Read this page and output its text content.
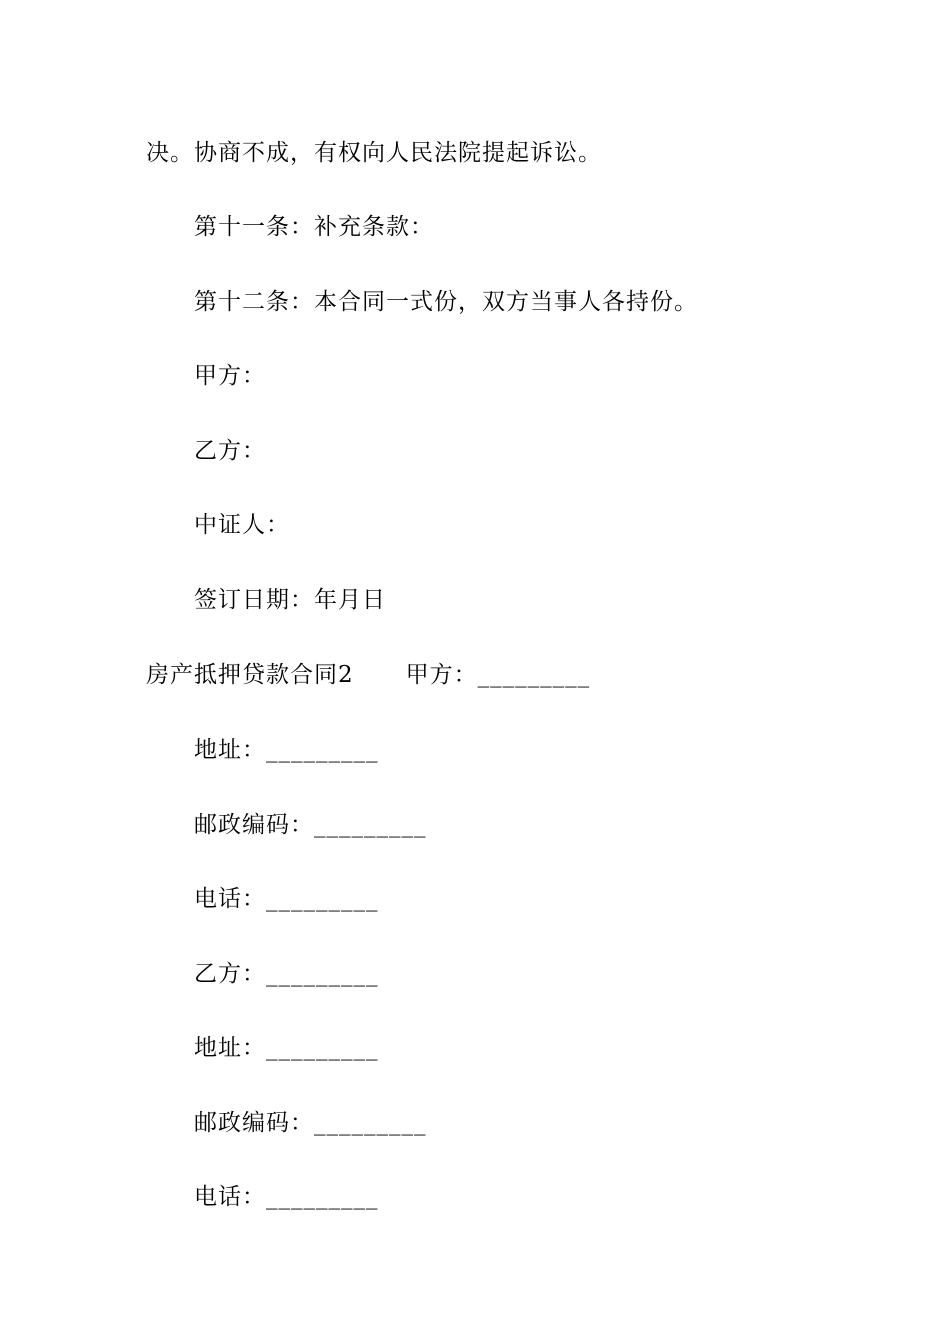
决。协商不成，有权向人民法院提起诉讼。
第十一条：补充条款：
第十二条：本合同一式份，双方当事人各持份。
甲方：
乙方：
中证人：
签订日期：年月日
房产抵押贷款合同2 甲方：_________
地址：_________
邮政编码：_________
电话：_________
乙方：_________
地址：_________
邮政编码：_________
电话：_________
